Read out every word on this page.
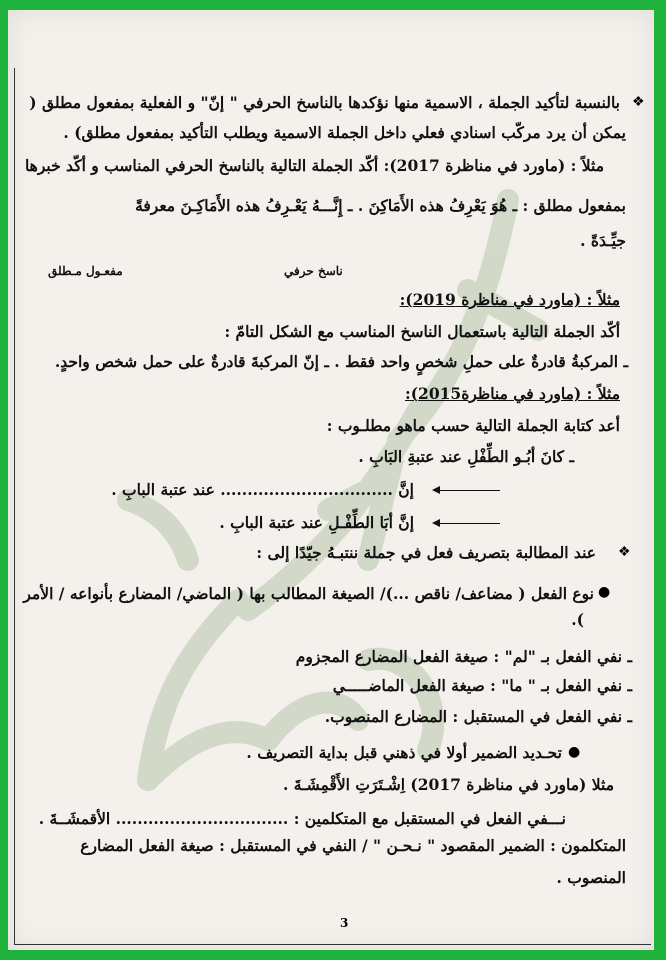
❖
بالنسبة لتأكيد الجملة ، الاسمية منها نؤكدها بالناسخ الحرفي " إنّ" و الفعلية بمفعول مطلق (
يمكن أن يرد مركّب اسنادي فعلي داخل الجملة الاسمية ويطلب التأكيد بمفعول مطلق) .
مثلاً : (ماورد في مناظرة 2017): أكّد الجملة التالية بالناسخ الحرفي المناسب و أكّد خبرها
بمفعول مطلق : ـ هُوَ يَعْرِفُ هذه الأَمَاكِنَ . ـ إِنَّـــهُ يَعْـرِفُ هذه الأَمَاكِـنَ معرفةً
جيِّـدَةً .
ناسخ حرفي
مفعـول مـطلق
مثلاً : (ماورد في مناظرة 2019):
أكّد الجملة التالية باستعمال الناسخ المناسب مع الشكل التامّ :
ـ المركبةُ قادرةٌ على حملِ شخصٍ واحد فقط . ـ إنّ المركبةَ قادرةٌ على حمل شخص واحدٍ.
مثلاً : (ماورد في مناظرة2015):
أعد كتابة الجملة التالية حسب ماهو مطلـوب :
ـ كانَ أبُـو الطِّفْلِ عند عتبةِ البَابِ .
إنَّ ................................ عند عتبة البابِ .
إنَّ أبَا الطِّفْـلِ عند عتبة البابِ .
❖
عند المطالبة بتصريف فعل في جملة ننتبـهُ جيّدًا إلى :
●
نوع الفعل ( مضاعف/ ناقص ...)/ الصيغة المطالب بها ( الماضي/ المضارع بأنواعه / الأمر
).
ـ نفي الفعل بـ "لم" : صيغة الفعل المضارع المجزوم
ـ نفي الفعل بـ " ما" : صيغة الفعل الماضـــــي
ـ نفي الفعل في المستقبل : المضارع المنصوب.
●
تحـديد الضمير أولا في ذهني قبل بداية التصريف .
مثلا (ماورد في مناظرة 2017) اِشْـتَرَتِ الأَقْمِشَـةَ .
نـــفي الفعل في المستقبل مع المتكلمين : ................................ الأقمشَــةَ .
المتكلمون : الضمير المقصود " نـحـن " / النفي في المستقبل : صيغة الفعل المضارع
المنصوب .
3
